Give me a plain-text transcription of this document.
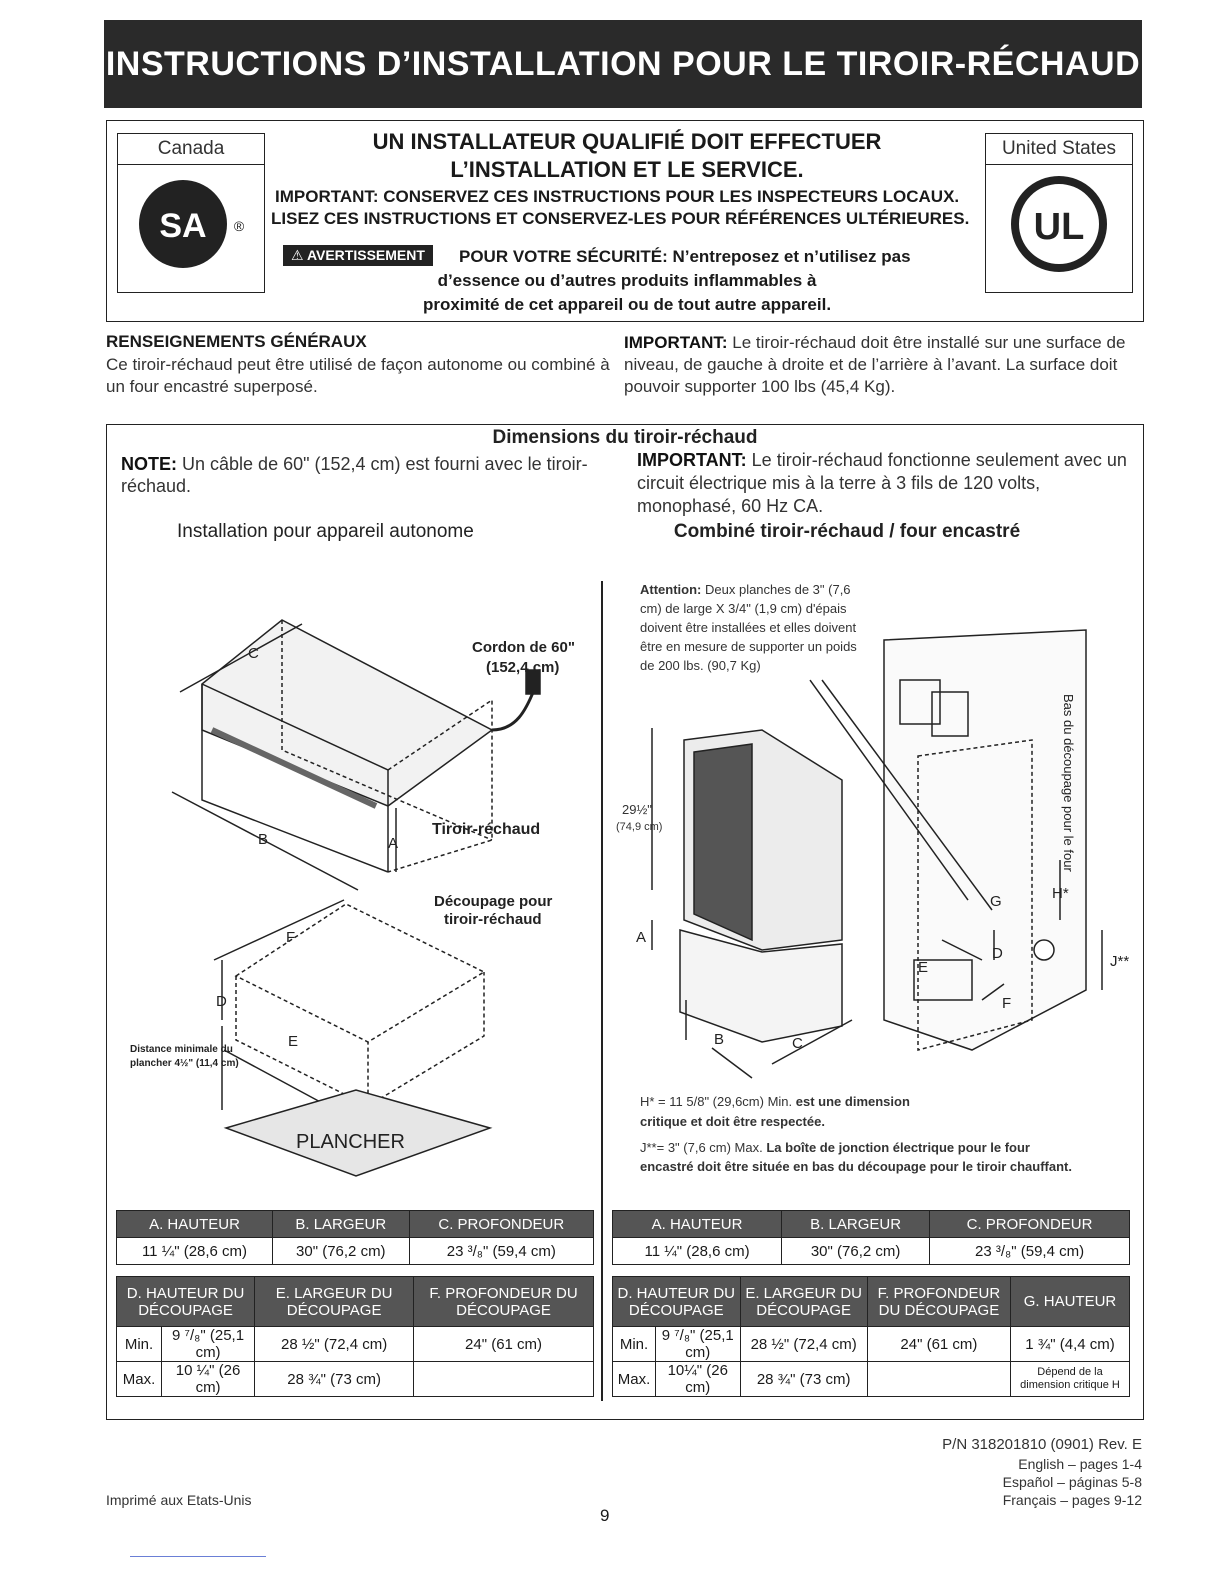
INSTRUCTIONS D’INSTALLATION POUR LE TIROIR-RÉCHAUD
Canada
SA ®
United States
UL
UN INSTALLATEUR QUALIFIÉ DOIT EFFECTUER
L’INSTALLATION ET LE SERVICE.
IMPORTANT: CONSERVEZ CES INSTRUCTIONS POUR LES INSPECTEURS LOCAUX.
LISEZ CES INSTRUCTIONS ET CONSERVEZ-LES POUR RÉFÉRENCES ULTÉRIEURES.
⚠ AVERTISSEMENT	POUR VOTRE SÉCURITÉ: N’entreposez et n’utilisez pas
d’essence ou d’autres produits inflammables à
proximité de cet appareil ou de tout autre appareil.
RENSEIGNEMENTS GÉNÉRAUX
Ce tiroir-réchaud peut être utilisé de façon autonome ou combiné à un four encastré superposé.
IMPORTANT: Le tiroir-réchaud doit être installé sur une surface de niveau, de gauche à droite et de l’arrière à l’avant. La surface doit pouvoir supporter 100 lbs (45,4 Kg).
Dimensions du tiroir-réchaud
NOTE: Un câble de 60" (152,4 cm) est fourni avec le tiroir-réchaud.
IMPORTANT: Le tiroir-réchaud fonctionne seulement avec un circuit électrique mis à la terre à 3 fils de 120 volts, monophasé, 60 Hz CA.
Installation pour appareil autonome	Combiné tiroir-réchaud / four encastré
C
B	A
Cordon de 60"
(152,4 cm)
Tiroir-réchaud
Découpage pour
tiroir-réchaud
F
D
E
Distance minimale du
plancher 4½" (11,4 cm)
PLANCHER
Attention: Deux planches de 3" (7,6
cm) de large X 3/4" (1,9 cm) d'épais
doivent être installées et elles doivent
être en mesure de supporter un poids
de 200 lbs. (90,7 Kg)
29½"
(74,9 cm)
A
B	C
D
E
F
G	H*
J**
Bas du découpage pour le four
H* = 11 5/8" (29,6cm) Min. est une dimension
critique et doit être respectée.
J**= 3" (7,6 cm) Max. La boîte de jonction électrique pour le four
encastré doit être située en bas du découpage pour le tiroir chauffant.
A. HAUTEUR	B. LARGEUR	C. PROFONDEUR
11 ¼" (28,6 cm)	30" (76,2 cm)	23 ³/₈" (59,4 cm)
D. HAUTEUR DU DÉCOUPAGE		E. LARGEUR DU DÉCOUPAGE	F. PROFONDEUR DU DÉCOUPAGE
Min.	9 ⁷/₈" (25,1 cm)	28 ½" (72,4 cm)	24" (61 cm)
Max.	10 ¼" (26 cm)	28 ¾" (73 cm)	
A. HAUTEUR	B. LARGEUR	C. PROFONDEUR
11 ¼" (28,6 cm)	30" (76,2 cm)	23 ³/₈" (59,4 cm)
D. HAUTEUR DU DÉCOUPAGE		E. LARGEUR DU DÉCOUPAGE	F. PROFONDEUR DU DÉCOUPAGE	G. HAUTEUR
Min.	9 ⁷/₈" (25,1 cm)	28 ½" (72,4 cm)	24" (61 cm)	1 ¾" (4,4 cm)
Max.	10¼" (26 cm)	28 ¾" (73 cm)		Dépend de la dimension critique H
P/N 318201810 (0901) Rev. E
English – pages 1-4
Español – páginas 5-8
Français – pages 9-12
Imprimé aux Etats-Unis
9
